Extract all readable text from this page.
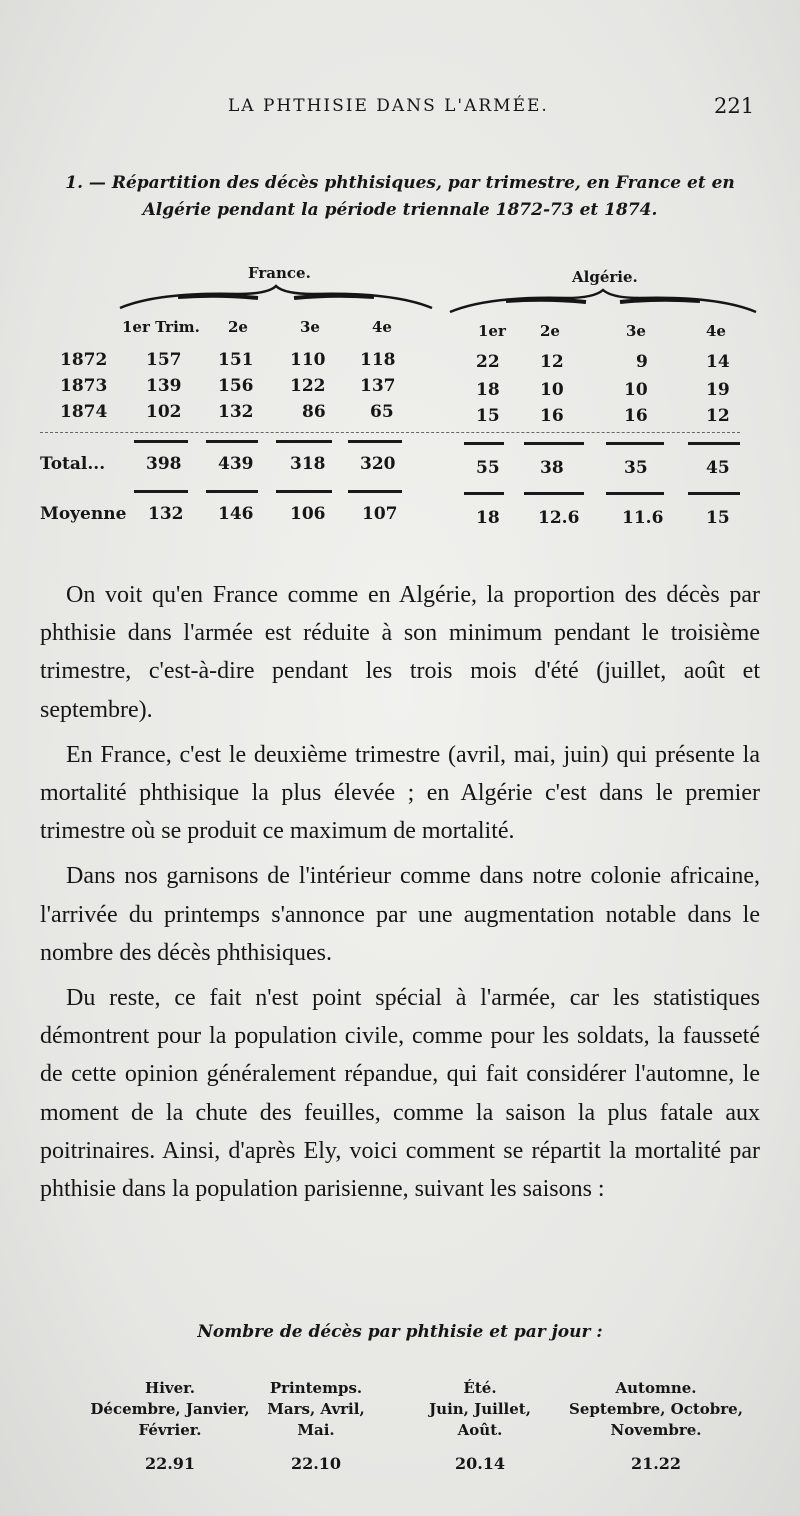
LA PHTHISIE DANS L'ARMÉE.	221
1. — Répartition des décès phthisiques, par trimestre, en France et en
Algérie pendant la période triennale 1872-73 et 1874.
France.	Algérie.
1er Trim. 2e	3e	4e	1er 2e	3e	4e
1872 157 151 110 118	22 12	9	14
1873 139 156 122 137	18 10	10	19
1874 102 132	86	65	15 16	16	12
Total... 398 439 318 320	55 38	35	45
Moyenne 132 146 106 107	18 12.6	11.6	15

On voit qu'en France comme en Algérie, la proportion des décès par phthisie dans l'armée est réduite à son minimum pendant le troisième trimestre, c'est-à-dire pendant les trois mois d'été (juillet, août et septembre).

En France, c'est le deuxième trimestre (avril, mai, juin) qui présente la mortalité phthisique la plus élevée ; en Algérie c'est dans le premier trimestre où se produit ce maximum de mortalité.

Dans nos garnisons de l'intérieur comme dans notre colonie africaine, l'arrivée du printemps s'annonce par une augmentation notable dans le nombre des décès phthisiques.

Du reste, ce fait n'est point spécial à l'armée, car les statistiques démontrent pour la population civile, comme pour les soldats, la fausseté de cette opinion généralement répandue, qui fait considérer l'automne, le moment de la chute des feuilles, comme la saison la plus fatale aux poitrinaires. Ainsi, d'après Ely, voici comment se répartit la mortalité par phthisie dans la population parisienne, suivant les saisons :

Nombre de décès par phthisie et par jour :
Hiver.
Décembre, Janvier,
Février.
22.91
Printemps.
Mars, Avril,
Mai.
22.10
Été.
Juin, Juillet,
Août.
20.14
Automne.
Septembre, Octobre,
Novembre.
21.22
